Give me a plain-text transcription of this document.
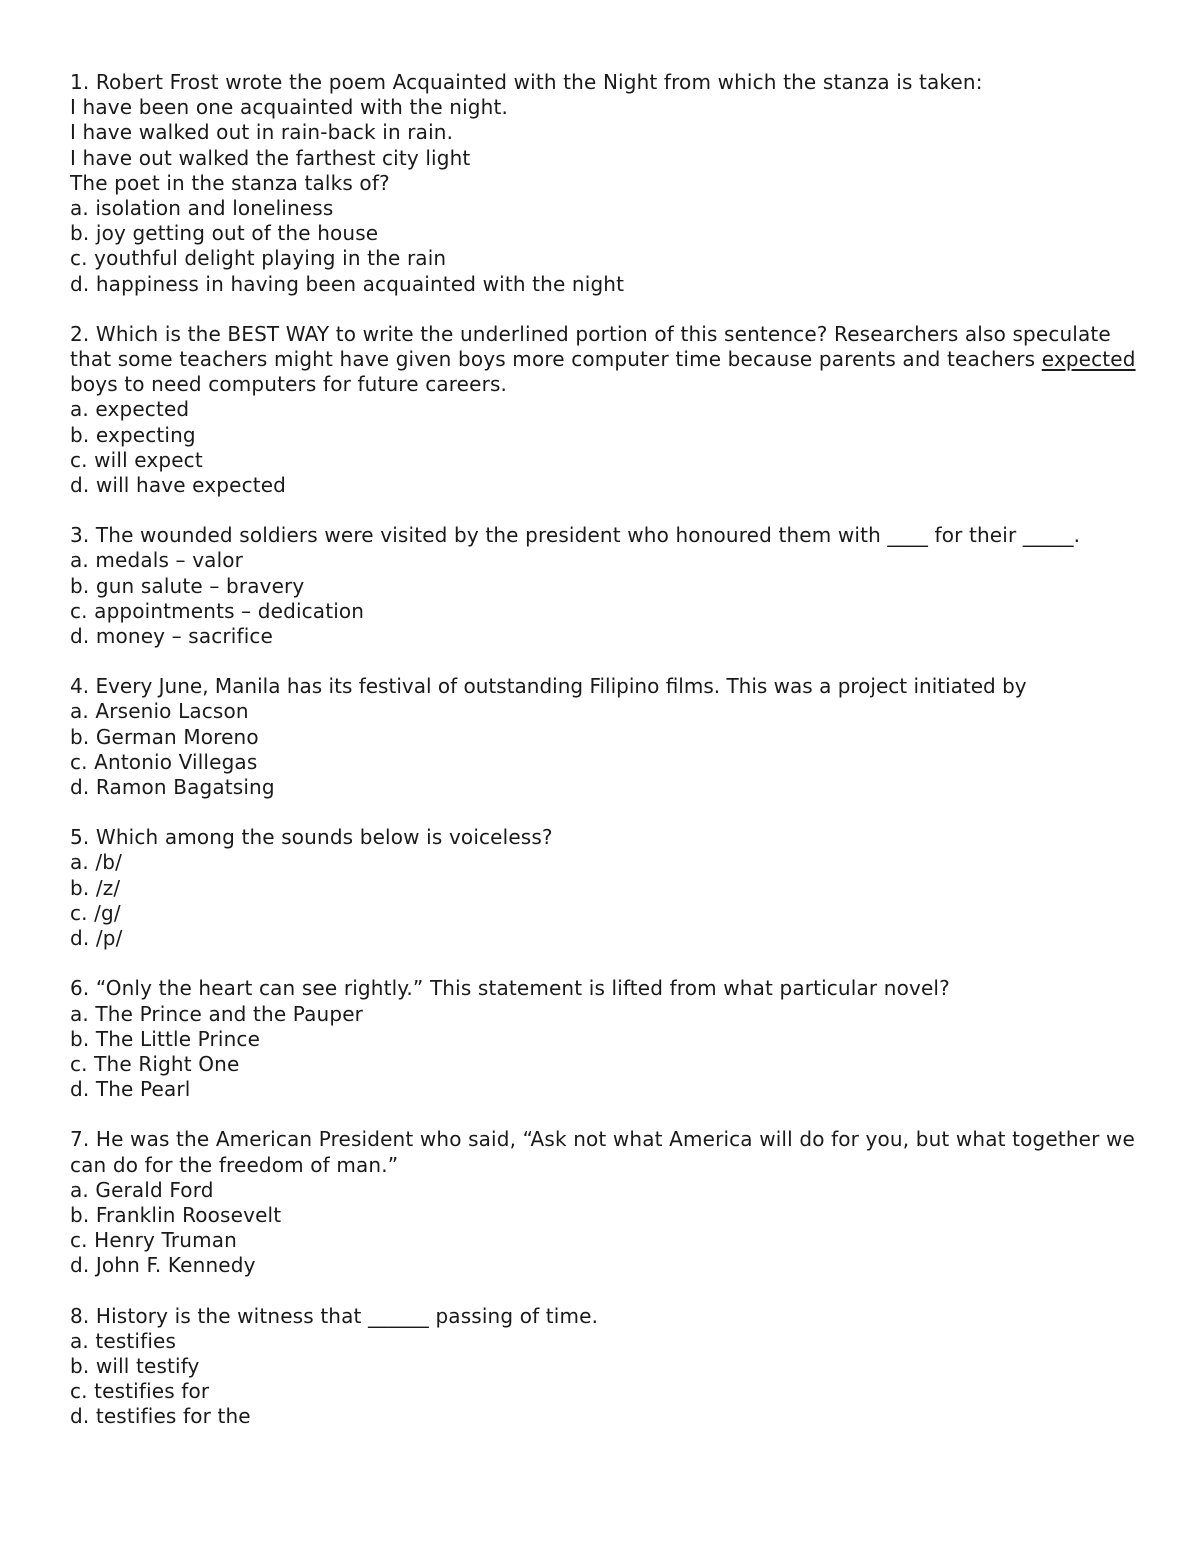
1. Robert Frost wrote the poem Acquainted with the Night from which the stanza is taken:
I have been one acquainted with the night.
I have walked out in rain-back in rain.
I have out walked the farthest city light
The poet in the stanza talks of?
a. isolation and loneliness
b. joy getting out of the house
c. youthful delight playing in the rain
d. happiness in having been acquainted with the night
2. Which is the BEST WAY to write the underlined portion of this sentence? Researchers also speculate that some teachers might have given boys more computer time because parents and teachers expected boys to need computers for future careers.
a. expected
b. expecting
c. will expect
d. will have expected
3. The wounded soldiers were visited by the president who honoured them with ____ for their _____.
a. medals – valor
b. gun salute – bravery
c. appointments – dedication
d. money – sacrifice
4. Every June, Manila has its festival of outstanding Filipino films. This was a project initiated by
a. Arsenio Lacson
b. German Moreno
c. Antonio Villegas
d. Ramon Bagatsing
5. Which among the sounds below is voiceless?
a. /b/
b. /z/
c. /g/
d. /p/
6. “Only the heart can see rightly.” This statement is lifted from what particular novel?
a. The Prince and the Pauper
b. The Little Prince
c. The Right One
d. The Pearl
7. He was the American President who said, “Ask not what America will do for you, but what together we can do for the freedom of man.”
a. Gerald Ford
b. Franklin Roosevelt
c. Henry Truman
d. John F. Kennedy
8. History is the witness that ______ passing of time.
a. testifies
b. will testify
c. testifies for
d. testifies for the
